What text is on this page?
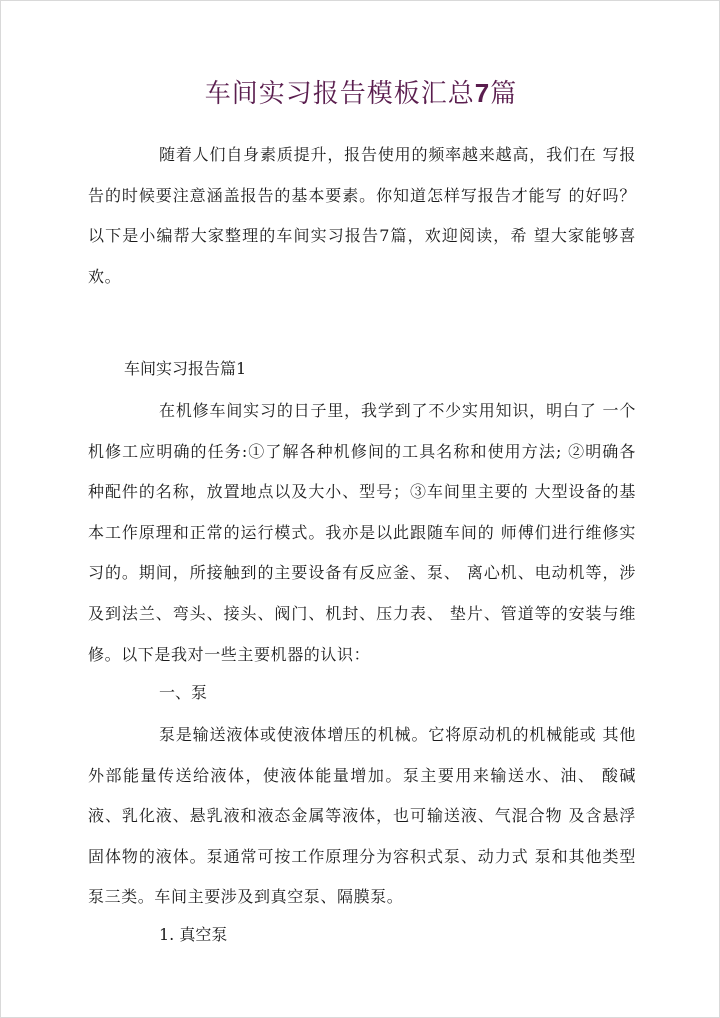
车间实习报告模板汇总7篇

随着人们自身素质提升，报告使用的频率越来越高，我们在 写报告的时候要注意涵盖报告的基本要素。你知道怎样写报告才能写 的好吗？以下是小编帮大家整理的车间实习报告7篇，欢迎阅读，希 望大家能够喜欢。

车间实习报告篇1

在机修车间实习的日子里，我学到了不少实用知识，明白了 一个机修工应明确的任务:①了解各种机修间的工具名称和使用方法; ②明确各种配件的名称，放置地点以及大小、型号；③车间里主要的 大型设备的基本工作原理和正常的运行模式。我亦是以此跟随车间的 师傅们进行维修实习的。期间，所接触到的主要设备有反应釜、泵、 离心机、电动机等，涉及到法兰、弯头、接头、阀门、机封、压力表、 垫片、管道等的安装与维修。以下是我对一些主要机器的认识：

一、泵

泵是输送液体或使液体增压的机械。它将原动机的机械能或 其他外部能量传送给液体，使液体能量增加。泵主要用来输送水、油、 酸碱液、乳化液、悬乳液和液态金属等液体，也可输送液、气混合物 及含悬浮固体物的液体。泵通常可按工作原理分为容积式泵、动力式 泵和其他类型泵三类。车间主要涉及到真空泵、隔膜泵。

1. 真空泵
